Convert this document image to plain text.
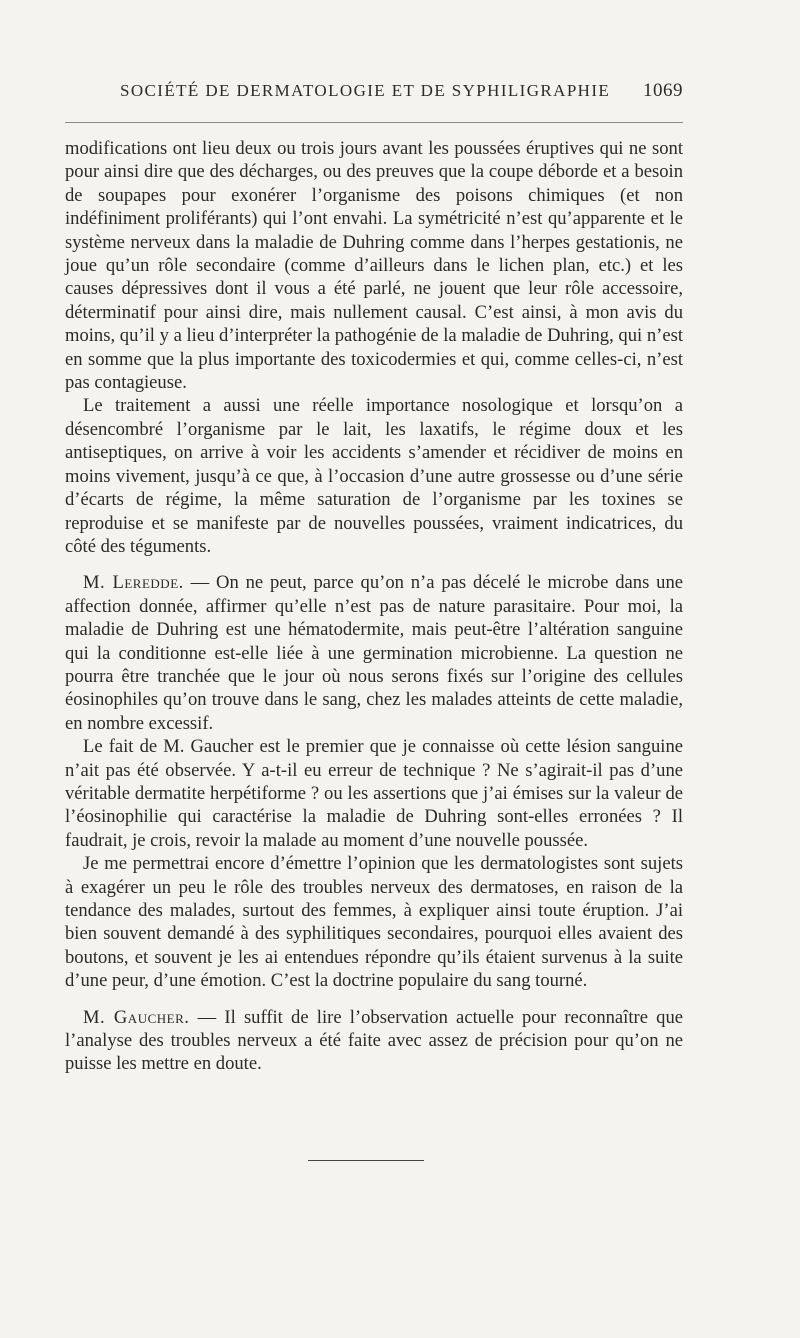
SOCIÉTÉ DE DERMATOLOGIE ET DE SYPHILIGRAPHIE 1069

modifications ont lieu deux ou trois jours avant les poussées éruptives qui ne sont pour ainsi dire que des décharges, ou des preuves que la coupe déborde et a besoin de soupapes pour exonérer l’organisme des poisons chimiques (et non indéfiniment proliférants) qui l’ont envahi. La symétricité n’est qu’apparente et le système nerveux dans la maladie de Duhring comme dans l’herpes gestationis, ne joue qu’un rôle secondaire (comme d’ailleurs dans le lichen plan, etc.) et les causes dépressives dont il vous a été parlé, ne jouent que leur rôle accessoire, déterminatif pour ainsi dire, mais nullement causal. C’est ainsi, à mon avis du moins, qu’il y a lieu d’interpréter la pathogénie de la maladie de Duhring, qui n’est en somme que la plus importante des toxicodermies et qui, comme celles-ci, n’est pas contagieuse.

Le traitement a aussi une réelle importance nosologique et lorsqu’on a désencombré l’organisme par le lait, les laxatifs, le régime doux et les antiseptiques, on arrive à voir les accidents s’amender et récidiver de moins en moins vivement, jusqu’à ce que, à l’occasion d’une autre grossesse ou d’une série d’écarts de régime, la même saturation de l’organisme par les toxines se reproduise et se manifeste par de nouvelles poussées, vraiment indicatrices, du côté des téguments.

M. Leredde. — On ne peut, parce qu’on n’a pas décelé le microbe dans une affection donnée, affirmer qu’elle n’est pas de nature parasitaire. Pour moi, la maladie de Duhring est une hématodermite, mais peut-être l’altération sanguine qui la conditionne est-elle liée à une germination microbienne. La question ne pourra être tranchée que le jour où nous serons fixés sur l’origine des cellules éosinophiles qu’on trouve dans le sang, chez les malades atteints de cette maladie, en nombre excessif.

Le fait de M. Gaucher est le premier que je connaisse où cette lésion sanguine n’ait pas été observée. Y a-t-il eu erreur de technique ? Ne s’agirait-il pas d’une véritable dermatite herpétiforme ? ou les assertions que j’ai émises sur la valeur de l’éosinophilie qui caractérise la maladie de Duhring sont-elles erronées ? Il faudrait, je crois, revoir la malade au moment d’une nouvelle poussée.

Je me permettrai encore d’émettre l’opinion que les dermatologistes sont sujets à exagérer un peu le rôle des troubles nerveux des dermatoses, en raison de la tendance des malades, surtout des femmes, à expliquer ainsi toute éruption. J’ai bien souvent demandé à des syphilitiques secondaires, pourquoi elles avaient des boutons, et souvent je les ai entendues répondre qu’ils étaient survenus à la suite d’une peur, d’une émotion. C’est la doctrine populaire du sang tourné.

M. Gaucher. — Il suffit de lire l’observation actuelle pour reconnaître que l’analyse des troubles nerveux a été faite avec assez de précision pour qu’on ne puisse les mettre en doute.
